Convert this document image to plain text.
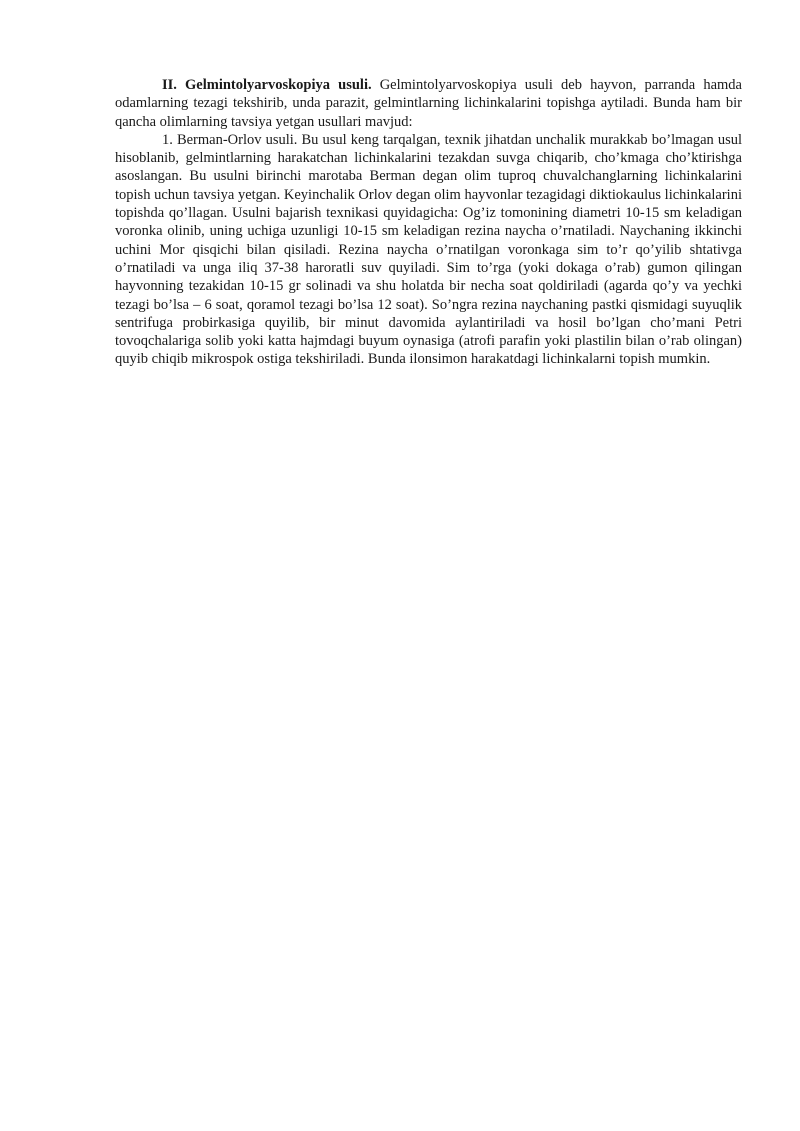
II. Gelmintolyarvoskopiya usuli. Gelmintolyarvoskopiya usuli deb hayvon, parranda hamda odamlarning tezagi tekshirib, unda parazit, gelmintlarning lichinkalarini topishga aytiladi. Bunda ham bir qancha olimlarning tavsiya yetgan usullari mavjud:

1. Berman-Orlov usuli. Bu usul keng tarqalgan, texnik jihatdan unchalik murakkab bo’lmagan usul hisoblanib, gelmintlarning harakatchan lichinkalarini tezakdan suvga chiqarib, cho’kmaga cho’ktirishga asoslangan. Bu usulni birinchi marotaba Berman degan olim tuproq chuvalchanglarning lichinkalarini topish uchun tavsiya yetgan. Keyinchalik Orlov degan olim hayvonlar tezagidagi diktiokaulus lichinkalarini topishda qo’llagan. Usulni bajarish texnikasi quyidagicha: Og’iz tomonining diametri 10-15 sm keladigan voronka olinib, uning uchiga uzunligi 10-15 sm keladigan rezina naycha o’rnatiladi. Naychaning ikkinchi uchini Mor qisqichi bilan qisiladi. Rezina naycha o’rnatilgan voronkaga sim to’r qo’yilib shtativga o’rnatiladi va unga iliq 37-38 haroratli suv quyiladi. Sim to’rga (yoki dokaga o’rab) gumon qilingan hayvonning tezakidan 10-15 gr solinadi va shu holatda bir necha soat qoldiriladi (agarda qo’y va yechki tezagi bo’lsa – 6 soat, qoramol tezagi bo’lsa 12 soat). So’ngra rezina naychaning pastki qismidagi suyuqlik sentrifuga probirkasiga quyilib, bir minut davomida aylantiriladi va hosil bo’lgan cho’mani Petri tovoqchalariga solib yoki katta hajmdagi buyum oynasiga (atrofi parafin yoki plastilin bilan o’rab olingan) quyib chiqib mikrospok ostiga tekshiriladi. Bunda ilonsimon harakatdagi lichinkalarni topish mumkin.
